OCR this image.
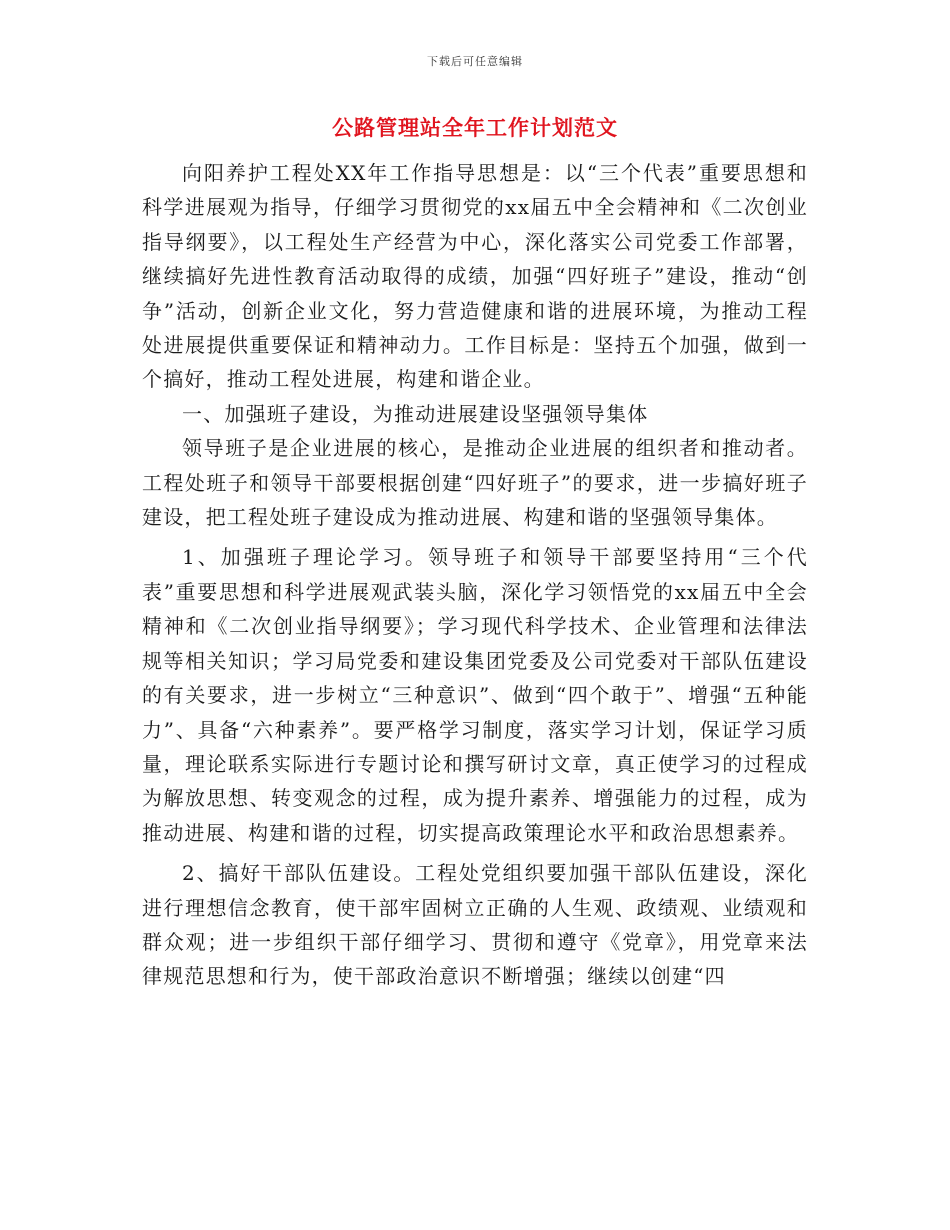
下载后可任意编辑
公路管理站全年工作计划范文

向阳养护工程处XX年工作指导思想是：以“三个代表”重要思想和科学进展观为指导，仔细学习贯彻党的xx届五中全会精神和《二次创业指导纲要》，以工程处生产经营为中心，深化落实公司党委工作部署，继续搞好先进性教育活动取得的成绩，加强“四好班子”建设，推动“创争”活动，创新企业文化，努力营造健康和谐的进展环境，为推动工程处进展提供重要保证和精神动力。工作目标是：坚持五个加强，做到一个搞好，推动工程处进展，构建和谐企业。

一、加强班子建设，为推动进展建设坚强领导集体

领导班子是企业进展的核心，是推动企业进展的组织者和推动者。工程处班子和领导干部要根据创建“四好班子”的要求，进一步搞好班子建设，把工程处班子建设成为推动进展、构建和谐的坚强领导集体。

1、加强班子理论学习。领导班子和领导干部要坚持用“三个代表”重要思想和科学进展观武装头脑，深化学习领悟党的xx届五中全会精神和《二次创业指导纲要》；学习现代科学技术、企业管理和法律法规等相关知识；学习局党委和建设集团党委及公司党委对干部队伍建设的有关要求，进一步树立“三种意识”、做到“四个敢于”、增强“五种能力”、具备“六种素养”。要严格学习制度，落实学习计划，保证学习质量，理论联系实际进行专题讨论和撰写研讨文章，真正使学习的过程成为解放思想、转变观念的过程，成为提升素养、增强能力的过程，成为推动进展、构建和谐的过程，切实提高政策理论水平和政治思想素养。

2、搞好干部队伍建设。工程处党组织要加强干部队伍建设，深化进行理想信念教育，使干部牢固树立正确的人生观、政绩观、业绩观和群众观；进一步组织干部仔细学习、贯彻和遵守《党章》，用党章来法律规范思想和行为，使干部政治意识不断增强；继续以创建“四
